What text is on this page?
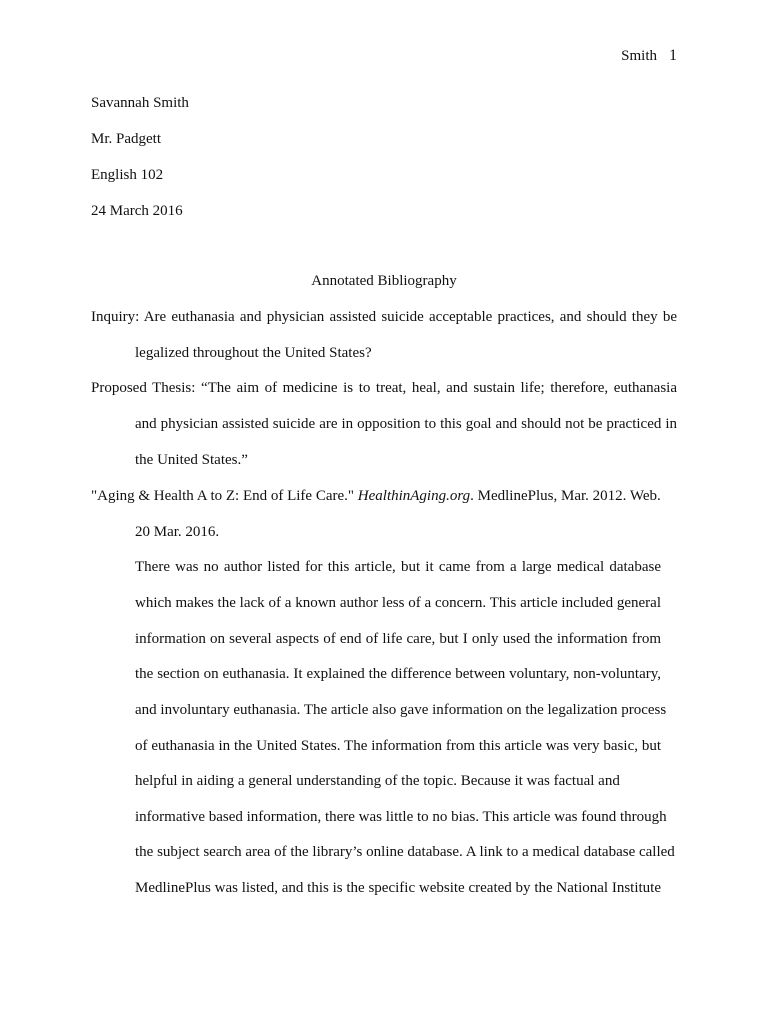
Smith 1
Savannah Smith
Mr. Padgett
English 102
24 March 2016
Annotated Bibliography
Inquiry: Are euthanasia and physician assisted suicide acceptable practices, and should they be
legalized throughout the United States?
Proposed Thesis: “The aim of medicine is to treat, heal, and sustain life; therefore, euthanasia
and physician assisted suicide are in opposition to this goal and should not be practiced in
the United States.”
"Aging & Health A to Z: End of Life Care." HealthinAging.org. MedlinePlus, Mar. 2012. Web.
20 Mar. 2016.
There was no author listed for this article, but it came from a large medical database
which makes the lack of a known author less of a concern. This article included general
information on several aspects of end of life care, but I only used the information from
the section on euthanasia. It explained the difference between voluntary, non-voluntary,
and involuntary euthanasia. The article also gave information on the legalization process
of euthanasia in the United States. The information from this article was very basic, but
helpful in aiding a general understanding of the topic. Because it was factual and
informative based information, there was little to no bias. This article was found through
the subject search area of the library’s online database. A link to a medical database called
MedlinePlus was listed, and this is the specific website created by the National Institute
